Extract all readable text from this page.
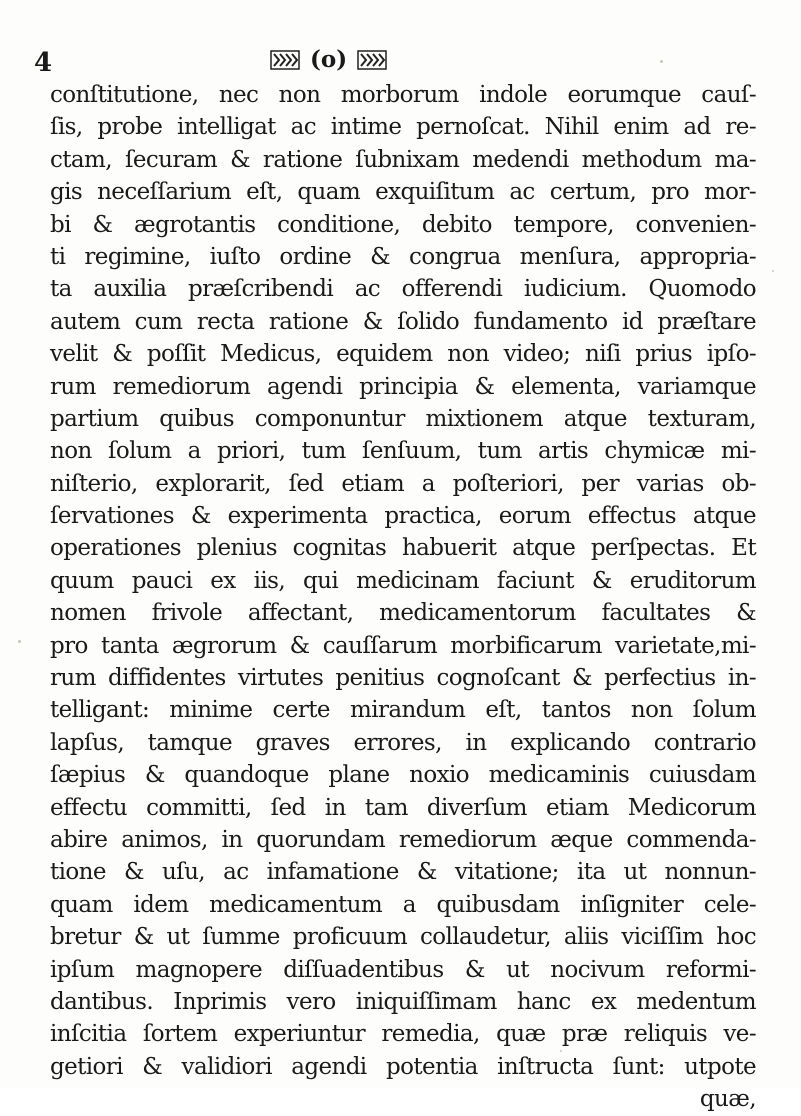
4	(o)
conſtitutione, nec non morborum indole eorumque cauſ-
ſis, probe intelligat ac intime pernoſcat. Nihil enim ad re-
ctam, ſecuram & ratione ſubnixam medendi methodum ma-
gis neceſſarium eſt, quam exquiſitum ac certum, pro mor-
bi & ægrotantis conditione, debito tempore, convenien-
ti regimine, iuſto ordine & congrua menſura, appropria-
ta auxilia præſcribendi ac offerendi iudicium. Quomodo
autem cum recta ratione & ſolido fundamento id præſtare
velit & poſſit Medicus, equidem non video; niſi prius ipſo-
rum remediorum agendi principia & elementa, variamque
partium quibus componuntur mixtionem atque texturam,
non ſolum a priori, tum ſenſuum, tum artis chymicæ mi-
niſterio, explorarit, ſed etiam a poſteriori, per varias ob-
ſervationes & experimenta practica, eorum effectus atque
operationes plenius cognitas habuerit atque perſpectas. Et
quum pauci ex iis, qui medicinam faciunt & eruditorum
nomen frivole affectant, medicamentorum facultates &
pro tanta ægrorum & cauſſarum morbificarum varietate,mi-
rum diffidentes virtutes penitius cognoſcant & perfectius in-
telligant: minime certe mirandum eſt, tantos non ſolum
lapſus, tamque graves errores, in explicando contrario
ſæpius & quandoque plane noxio medicaminis cuiusdam
effectu committi, ſed in tam diverſum etiam Medicorum
abire animos, in quorundam remediorum æque commenda-
tione & uſu, ac infamatione & vitatione; ita ut nonnun-
quam idem medicamentum a quibusdam inſigniter cele-
bretur & ut ſumme proficuum collaudetur, aliis viciſſim hoc
ipſum magnopere diſſuadentibus & ut nocivum reformi-
dantibus. Inprimis vero iniquiſſimam hanc ex medentum
inſcitia ſortem experiuntur remedia, quæ præ reliquis ve-
getiori & validiori agendi potentia inſtructa ſunt: utpote
quæ,
